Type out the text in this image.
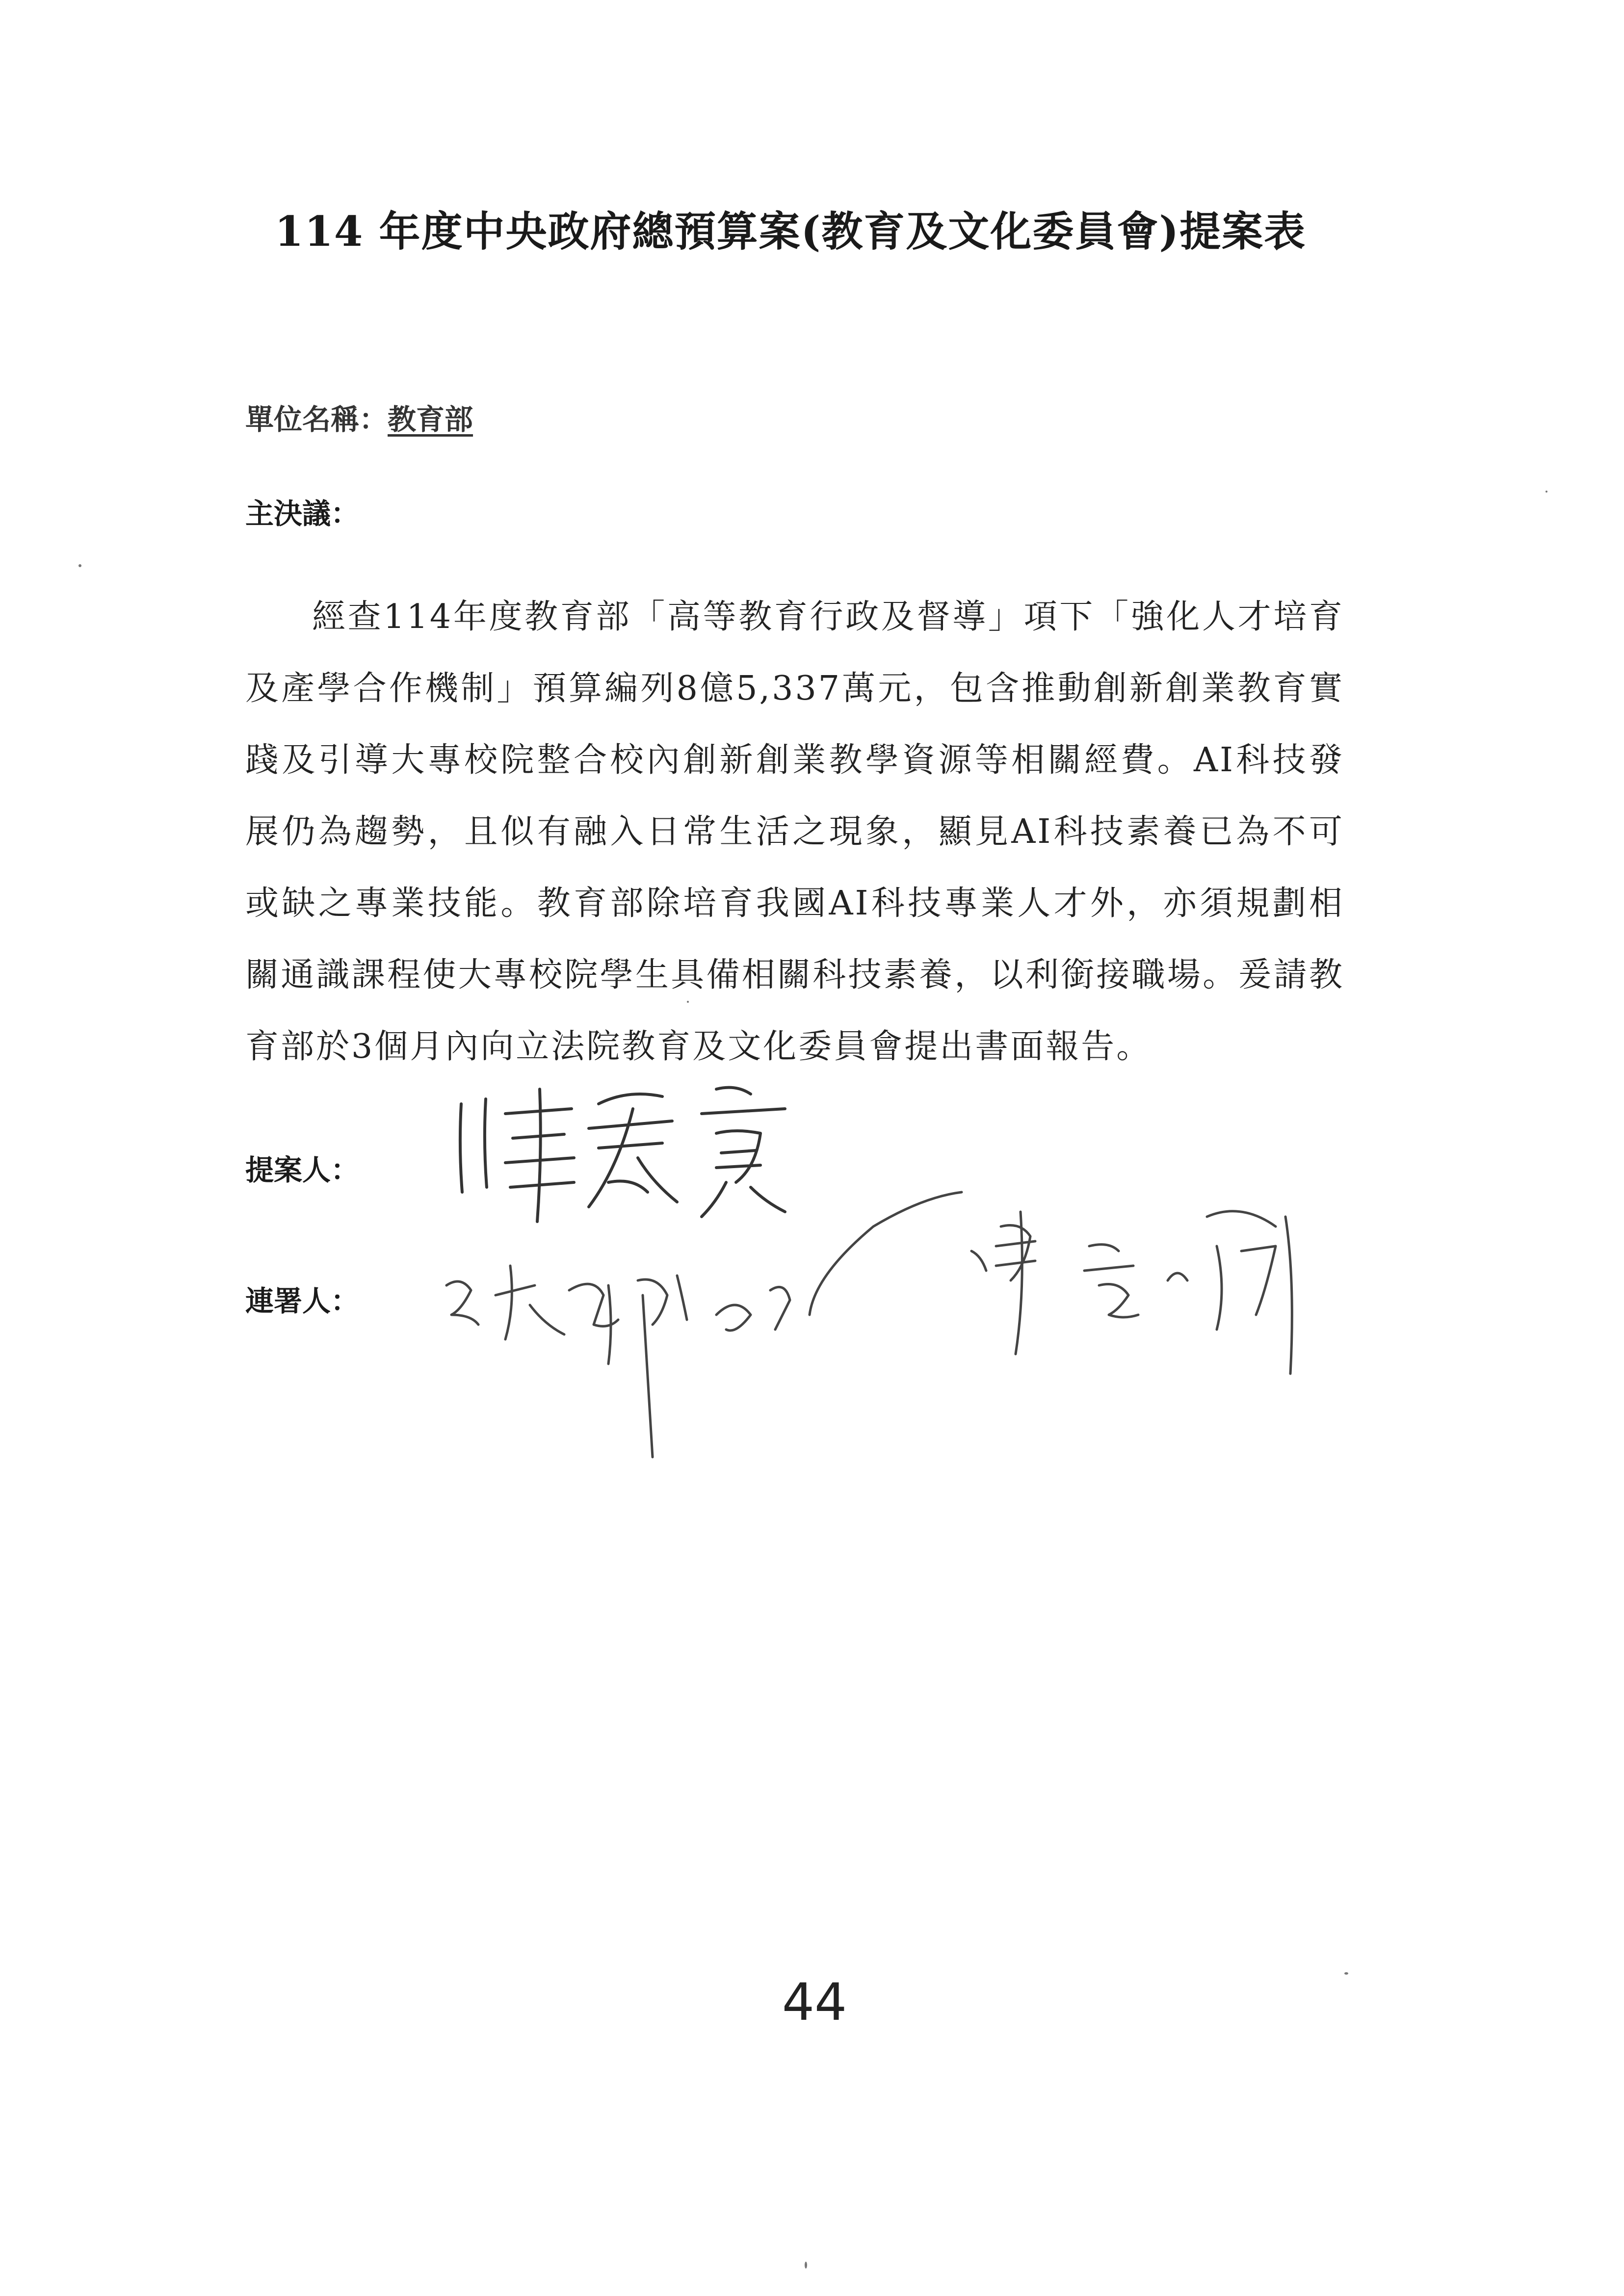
114 年度中央政府總預算案(教育及文化委員會)提案表
單位名稱：教育部
主決議：

經查114年度教育部「高等教育行政及督導」項下「強化人才培育及產學合作機制」預算編列8億5,337萬元，包含推動創新創業教育實踐及引導大專校院整合校內創新創業教學資源等相關經費。AI科技發展仍為趨勢，且似有融入日常生活之現象，顯見AI科技素養已為不可或缺之專業技能。教育部除培育我國AI科技專業人才外，亦須規劃相關通識課程使大專校院學生具備相關科技素養，以利銜接職場。爰請教育部於3個月內向立法院教育及文化委員會提出書面報告。

提案人：
連署人：
44
